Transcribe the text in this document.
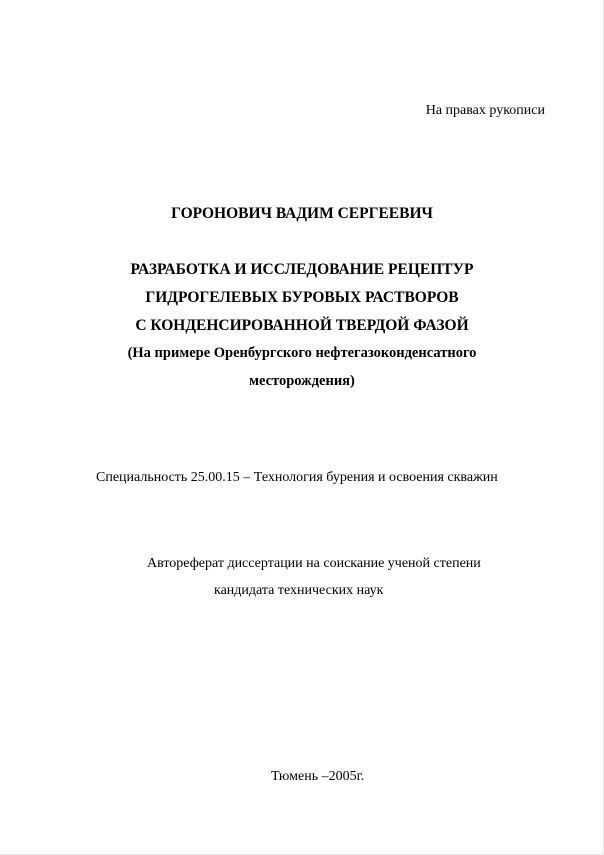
На правах рукописи
ГОРОНОВИЧ ВАДИМ СЕРГЕЕВИЧ
РАЗРАБОТКА И ИССЛЕДОВАНИЕ РЕЦЕПТУР
ГИДРОГЕЛЕВЫХ БУРОВЫХ РАСТВОРОВ
С КОНДЕНСИРОВАННОЙ ТВЕРДОЙ ФАЗОЙ
(На примере Оренбургского нефтегазоконденсатного
месторождения)
Специальность 25.00.15 – Технология бурения и освоения скважин
Автореферат диссертации на соискание ученой степени
кандидата технических наук
Тюмень –2005г.
